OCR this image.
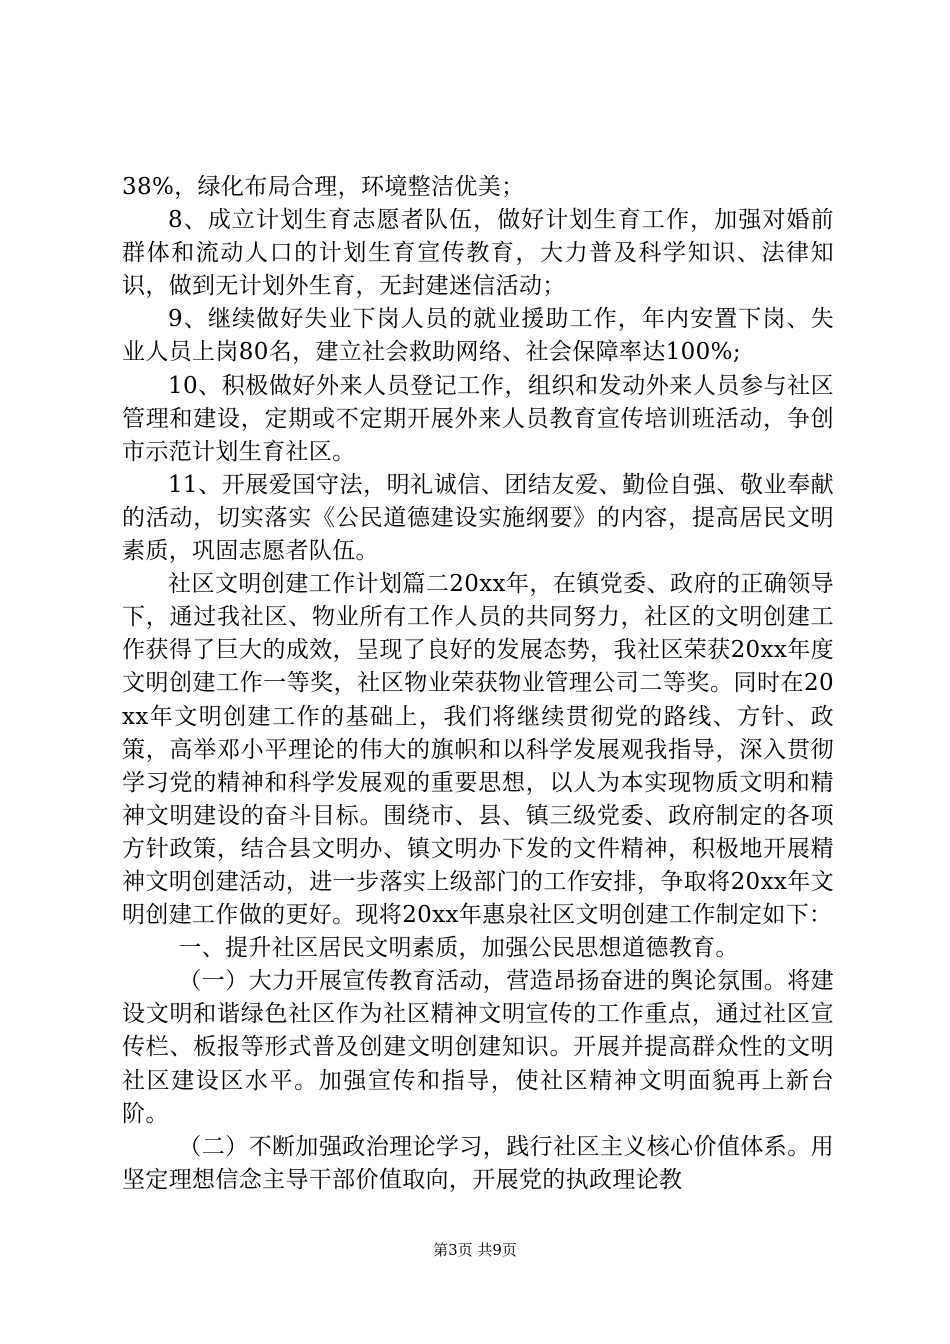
38%，绿化布局合理，环境整洁优美；

8、成立计划生育志愿者队伍，做好计划生育工作，加强对婚前群体和流动人口的计划生育宣传教育，大力普及科学知识、法律知识，做到无计划外生育，无封建迷信活动；

9、继续做好失业下岗人员的就业援助工作，年内安置下岗、失业人员上岗80名，建立社会救助网络、社会保障率达100%;

10、积极做好外来人员登记工作，组织和发动外来人员参与社区管理和建设，定期或不定期开展外来人员教育宣传培训班活动，争创市示范计划生育社区。

11、开展爱国守法，明礼诚信、团结友爱、勤俭自强、敬业奉献的活动，切实落实《公民道德建设实施纲要》的内容，提高居民文明素质，巩固志愿者队伍。

社区文明创建工作计划篇二20xx年，在镇党委、政府的正确领导下，通过我社区、物业所有工作人员的共同努力，社区的文明创建工作获得了巨大的成效，呈现了良好的发展态势，我社区荣获20xx年度文明创建工作一等奖，社区物业荣获物业管理公司二等奖。同时在20xx年文明创建工作的基础上，我们将继续贯彻党的路线、方针、政策，高举邓小平理论的伟大的旗帜和以科学发展观我指导，深入贯彻学习党的精神和科学发展观的重要思想，以人为本实现物质文明和精神文明建设的奋斗目标。围绕市、县、镇三级党委、政府制定的各项方针政策，结合县文明办、镇文明办下发的文件精神，积极地开展精神文明创建活动，进一步落实上级部门的工作安排，争取将20xx年文明创建工作做的更好。现将20xx年惠泉社区文明创建工作制定如下：

一、提升社区居民文明素质，加强公民思想道德教育。

（一）大力开展宣传教育活动，营造昂扬奋进的舆论氛围。将建设文明和谐绿色社区作为社区精神文明宣传的工作重点，通过社区宣传栏、板报等形式普及创建文明创建知识。开展并提高群众性的文明社区建设区水平。加强宣传和指导，使社区精神文明面貌再上新台阶。

（二）不断加强政治理论学习，践行社区主义核心价值体系。用坚定理想信念主导干部价值取向，开展党的执政理论教

第3页 共9页
